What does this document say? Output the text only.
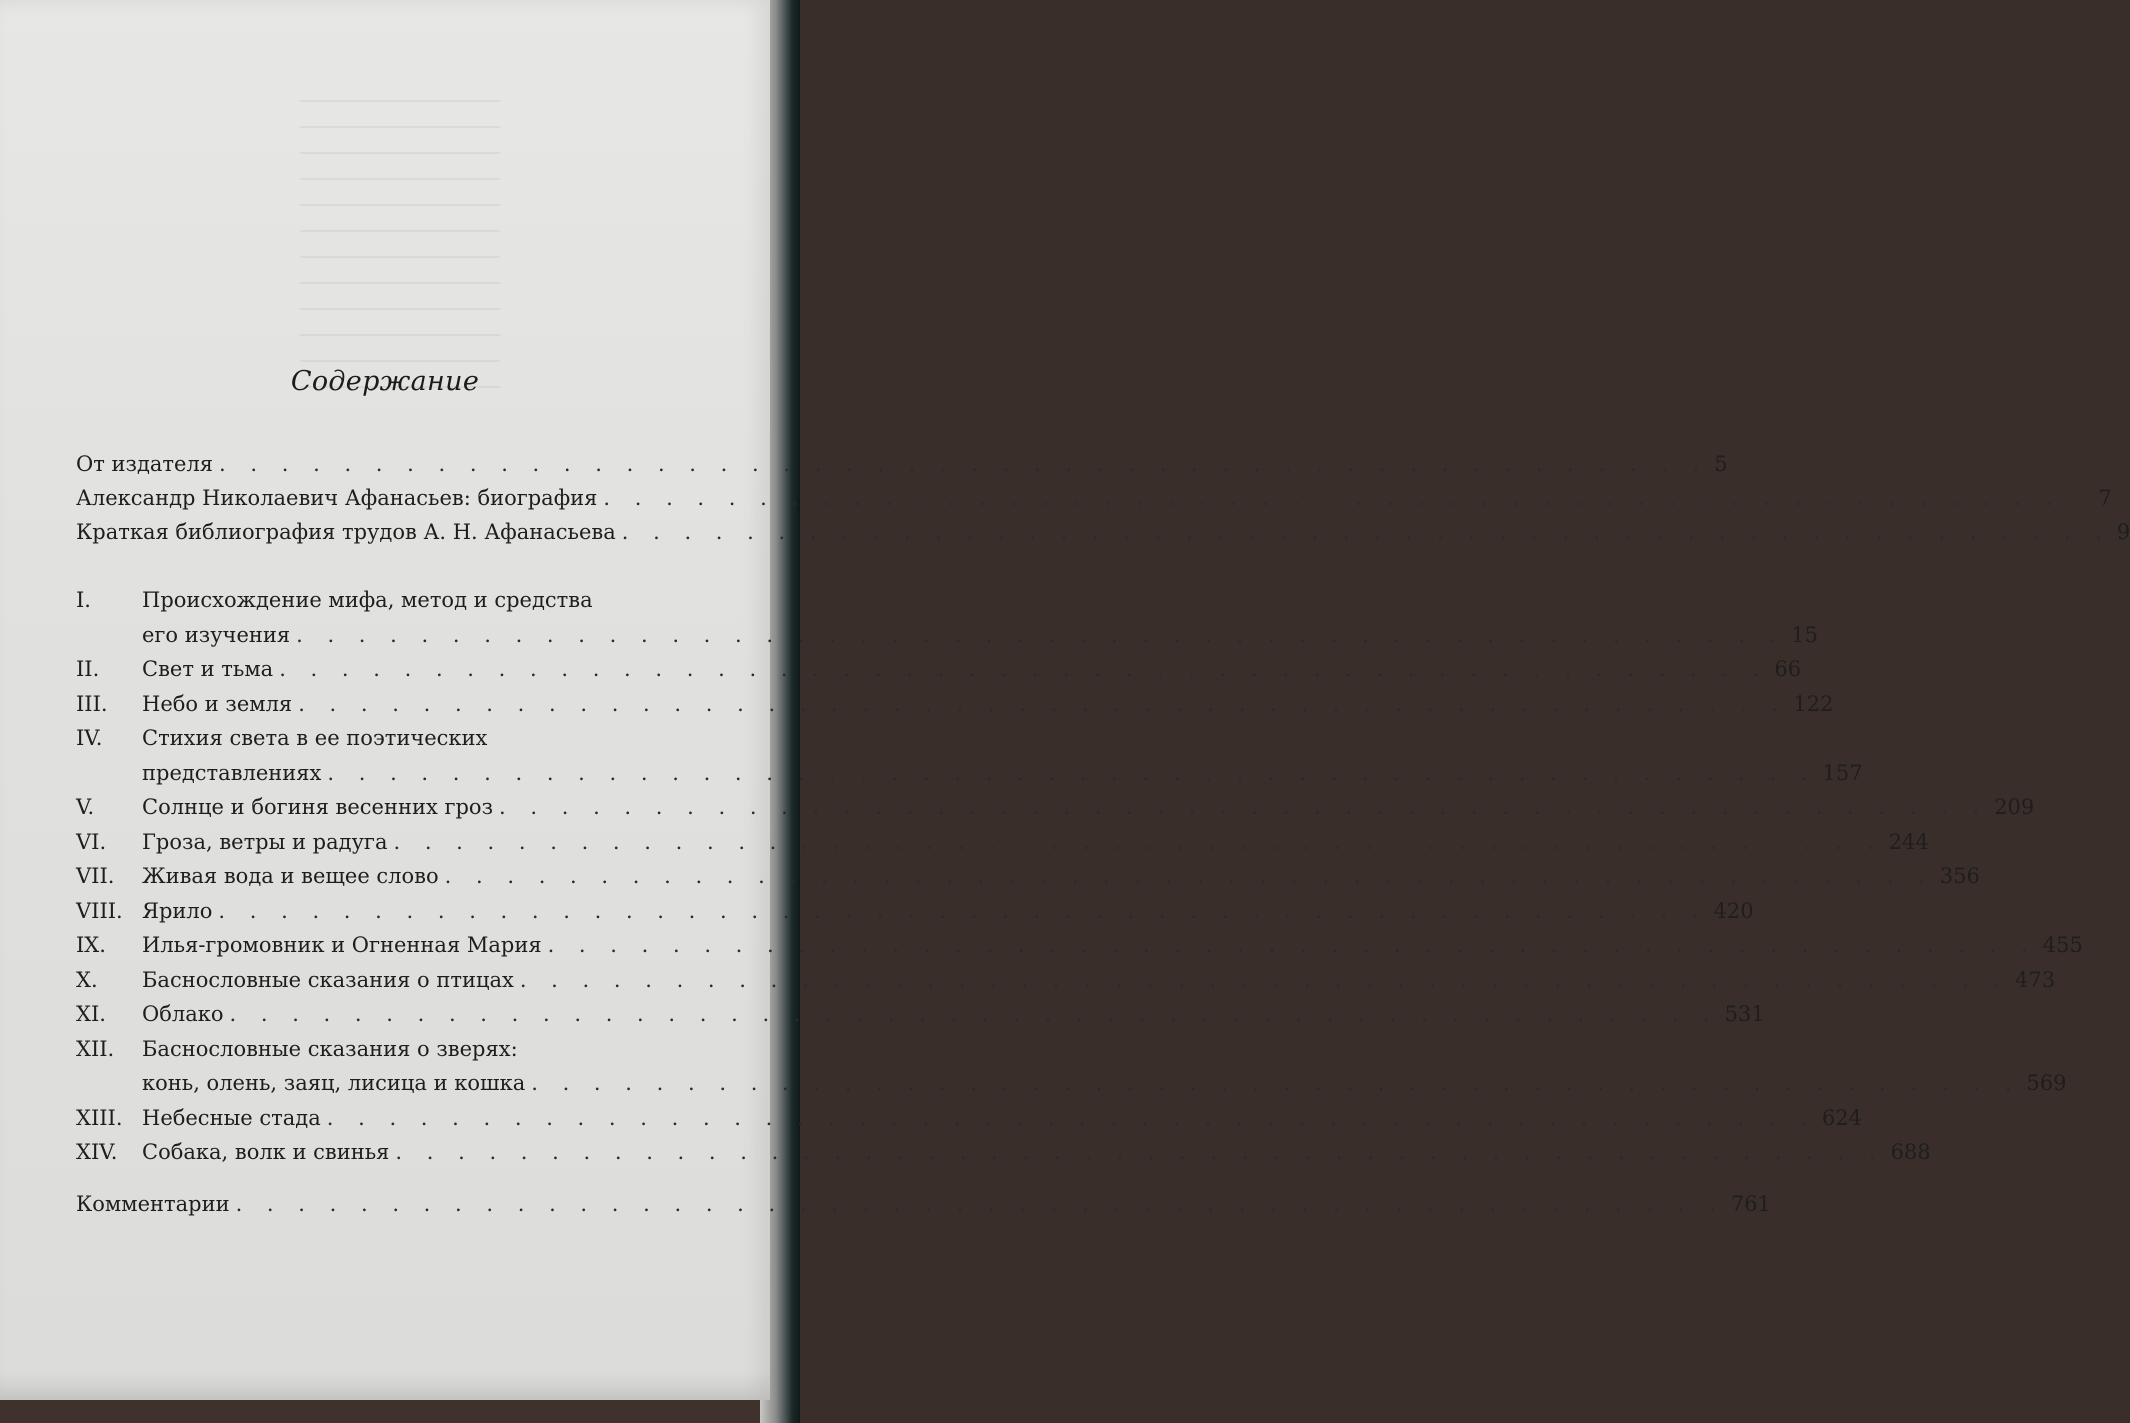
Содержание
От издателя . . . . . . . . . . . . . . . . . . . . . . . . . . . . . . . . . . . . . . . . . . . . . . . . 5
Александр Николаевич Афанасьев: биография . . . . . . . . . . . . . . . . . . . . . . . . . . . . . . . . . . . . . . . . . . . . . . . . 7
Краткая библиография трудов А. Н. Афанасьева . . . . . . . . . . . . . . . . . . . . . . . . . . . . . . . . . . . . . . . . . . . . . . . . 9
I. Происхождение мифа, метод и средства
его изучения . . . . . . . . . . . . . . . . . . . . . . . . . . . . . . . . . . . . . . . . . . . . . . . . 15
II. Свет и тьма . . . . . . . . . . . . . . . . . . . . . . . . . . . . . . . . . . . . . . . . . . . . . . . . 66
III. Небо и земля . . . . . . . . . . . . . . . . . . . . . . . . . . . . . . . . . . . . . . . . . . . . . . . . 122
IV. Стихия света в ее поэтических
представлениях . . . . . . . . . . . . . . . . . . . . . . . . . . . . . . . . . . . . . . . . . . . . . . . . 157
V. Солнце и богиня весенних гроз . . . . . . . . . . . . . . . . . . . . . . . . . . . . . . . . . . . . . . . . . . . . . . . . 209
VI. Гроза, ветры и радуга . . . . . . . . . . . . . . . . . . . . . . . . . . . . . . . . . . . . . . . . . . . . . . . . 244
VII. Живая вода и вещее слово . . . . . . . . . . . . . . . . . . . . . . . . . . . . . . . . . . . . . . . . . . . . . . . . 356
VIII. Ярило . . . . . . . . . . . . . . . . . . . . . . . . . . . . . . . . . . . . . . . . . . . . . . . . 420
IX. Илья-громовник и Огненная Мария . . . . . . . . . . . . . . . . . . . . . . . . . . . . . . . . . . . . . . . . . . . . . . . . 455
X. Баснословные сказания о птицах . . . . . . . . . . . . . . . . . . . . . . . . . . . . . . . . . . . . . . . . . . . . . . . . 473
XI. Облако . . . . . . . . . . . . . . . . . . . . . . . . . . . . . . . . . . . . . . . . . . . . . . . . 531
XII. Баснословные сказания о зверях:
конь, олень, заяц, лисица и кошка . . . . . . . . . . . . . . . . . . . . . . . . . . . . . . . . . . . . . . . . . . . . . . . . 569
XIII. Небесные стада . . . . . . . . . . . . . . . . . . . . . . . . . . . . . . . . . . . . . . . . . . . . . . . . 624
XIV. Собака, волк и свинья . . . . . . . . . . . . . . . . . . . . . . . . . . . . . . . . . . . . . . . . . . . . . . . . 688
Комментарии . . . . . . . . . . . . . . . . . . . . . . . . . . . . . . . . . . . . . . . . . . . . . . . . 761
